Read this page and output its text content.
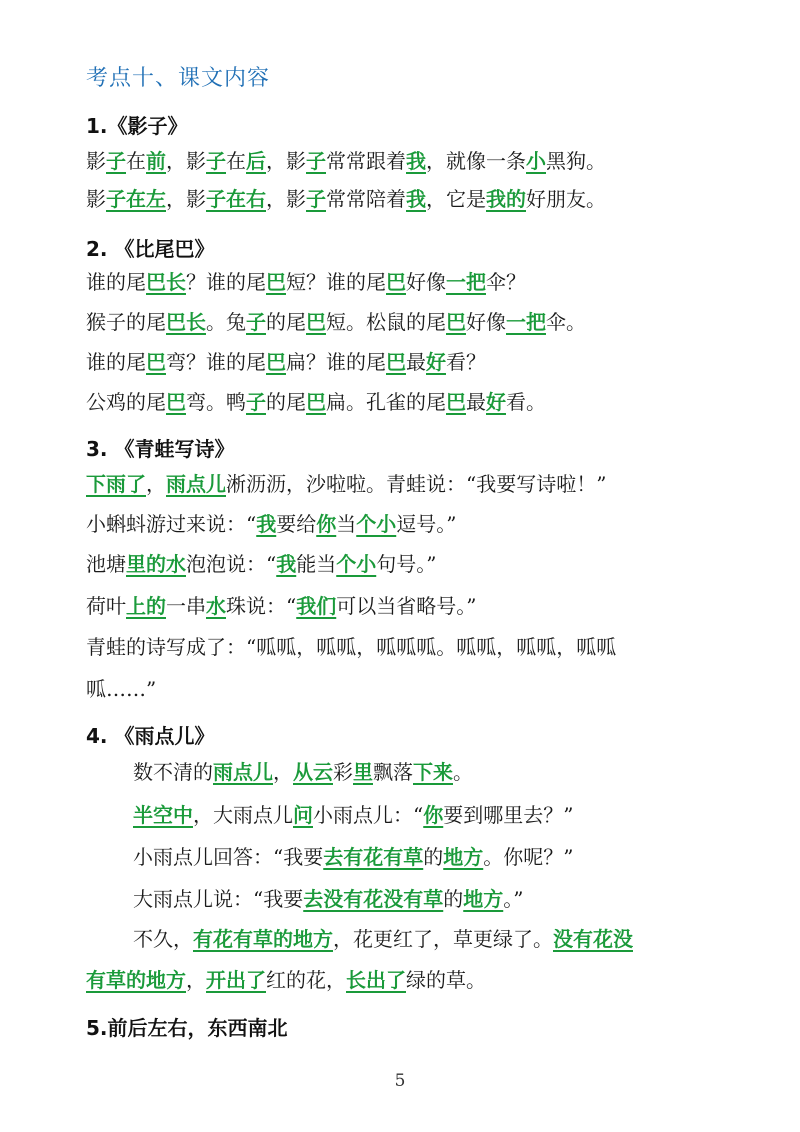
考点十、课文内容
1.《影子》
2. 《比尾巴》
3. 《青蛙写诗》
4. 《雨点儿》
5.前后左右，东西南北
影子在前，影子在后，影子常常跟着我，就像一条小黑狗。
影子在左，影子在右，影子常常陪着我，它是我的好朋友。
谁的尾巴长？谁的尾巴短？谁的尾巴好像一把伞？
猴子的尾巴长。兔子的尾巴短。松鼠的尾巴好像一把伞。
谁的尾巴弯？谁的尾巴扁？谁的尾巴最好看？
公鸡的尾巴弯。鸭子的尾巴扁。孔雀的尾巴最好看。
下雨了，雨点儿淅沥沥，沙啦啦。青蛙说：“我要写诗啦！”
小蝌蚪游过来说：“我要给你当个小逗号。”
池塘里的水泡泡说：“我能当个小句号。”
荷叶上的一串水珠说：“我们可以当省略号。”
青蛙的诗写成了：“呱呱，呱呱，呱呱呱。呱呱，呱呱，呱呱
呱……”
数不清的雨点儿，从云彩里飘落下来。
半空中，大雨点儿问小雨点儿：“你要到哪里去？”
小雨点儿回答：“我要去有花有草的地方。你呢？”
大雨点儿说：“我要去没有花没有草的地方。”
不久，有花有草的地方，花更红了，草更绿了。没有花没
有草的地方，开出了红的花，长出了绿的草。
5
